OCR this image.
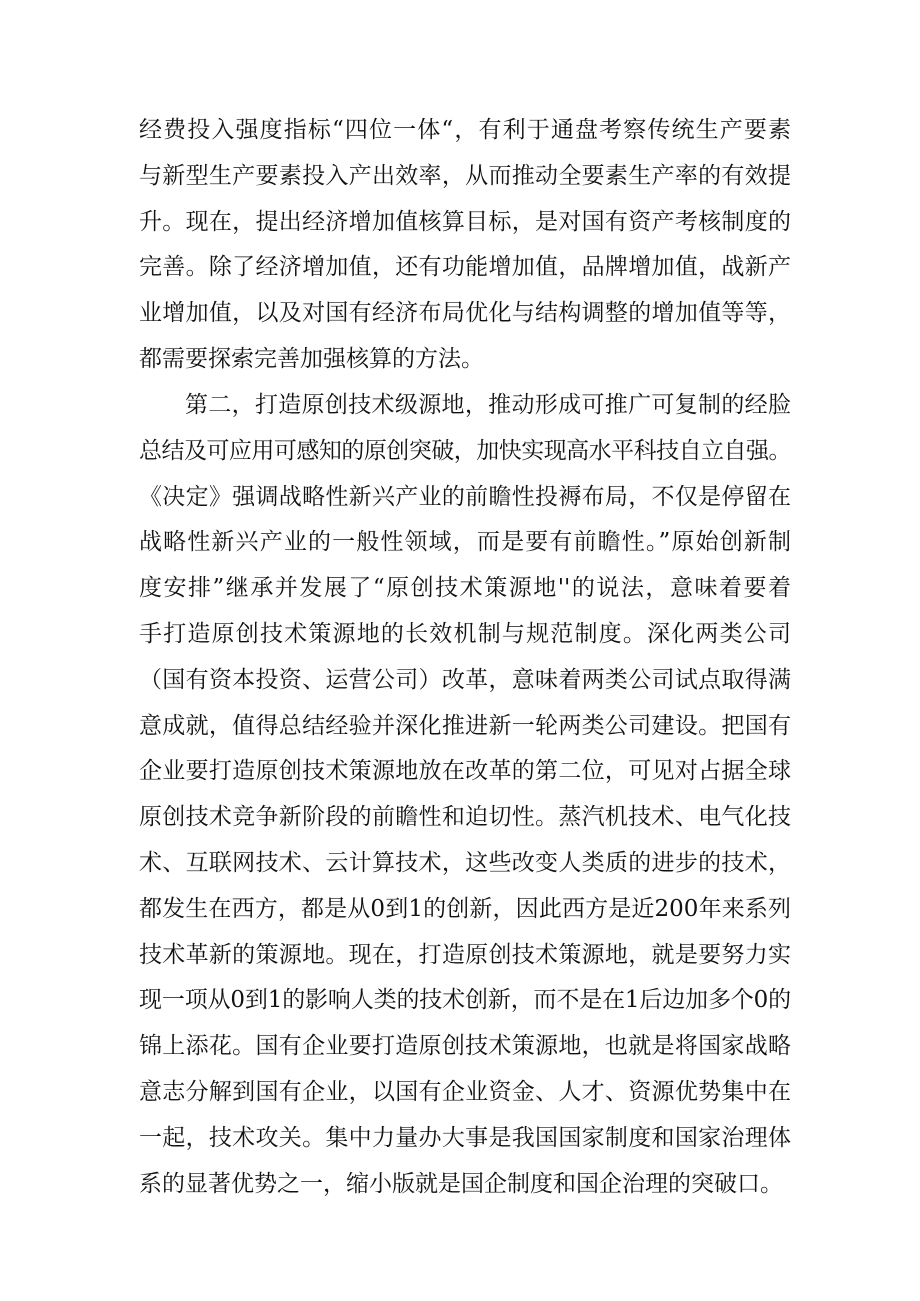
经费投入强度指标“四位一体“，有利于通盘考察传统生产要素
与新型生产要素投入产出效率，从而推动全要素生产率的有效提
升。现在，提出经济增加值核算目标，是对国有资产考核制度的
完善。除了经济增加值，还有功能增加值，品牌增加值，战新产
业增加值，以及对国有经济布局优化与结构调整的增加值等等，
都需要探索完善加强核算的方法。
第二，打造原创技术级源地，推动形成可推广可复制的经脸
总结及可应用可感知的原创突破，加快实现高水平科技自立自强。
《决定》强调战略性新兴产业的前瞻性投褥布局，不仅是停留在
战略性新兴产业的一般性领域，而是要有前瞻性。”原始创新制
度安排”继承并发展了“原创技术策源地''的说法，意味着要着
手打造原创技术策源地的长效机制与规范制度。深化两类公司
（国有资本投资、运营公司）改革，意味着两类公司试点取得满
意成就，值得总结经验并深化推进新一轮两类公司建设。把国有
企业要打造原创技术策源地放在改革的第二位，可见对占据全球
原创技术竞争新阶段的前瞻性和迫切性。蒸汽机技术、电气化技
术、互联网技术、云计算技术，这些改变人类质的进步的技术，
都发生在西方，都是从0到1的创新，因此西方是近200年来系列
技术革新的策源地。现在，打造原创技术策源地，就是要努力实
现一项从0到1的影响人类的技术创新，而不是在1后边加多个0的
锦上添花。国有企业要打造原创技术策源地，也就是将国家战略
意志分解到国有企业，以国有企业资金、人才、资源优势集中在
一起，技术攻关。集中力量办大事是我国国家制度和国家治理体
系的显著优势之一，缩小版就是国企制度和国企治理的突破口。
